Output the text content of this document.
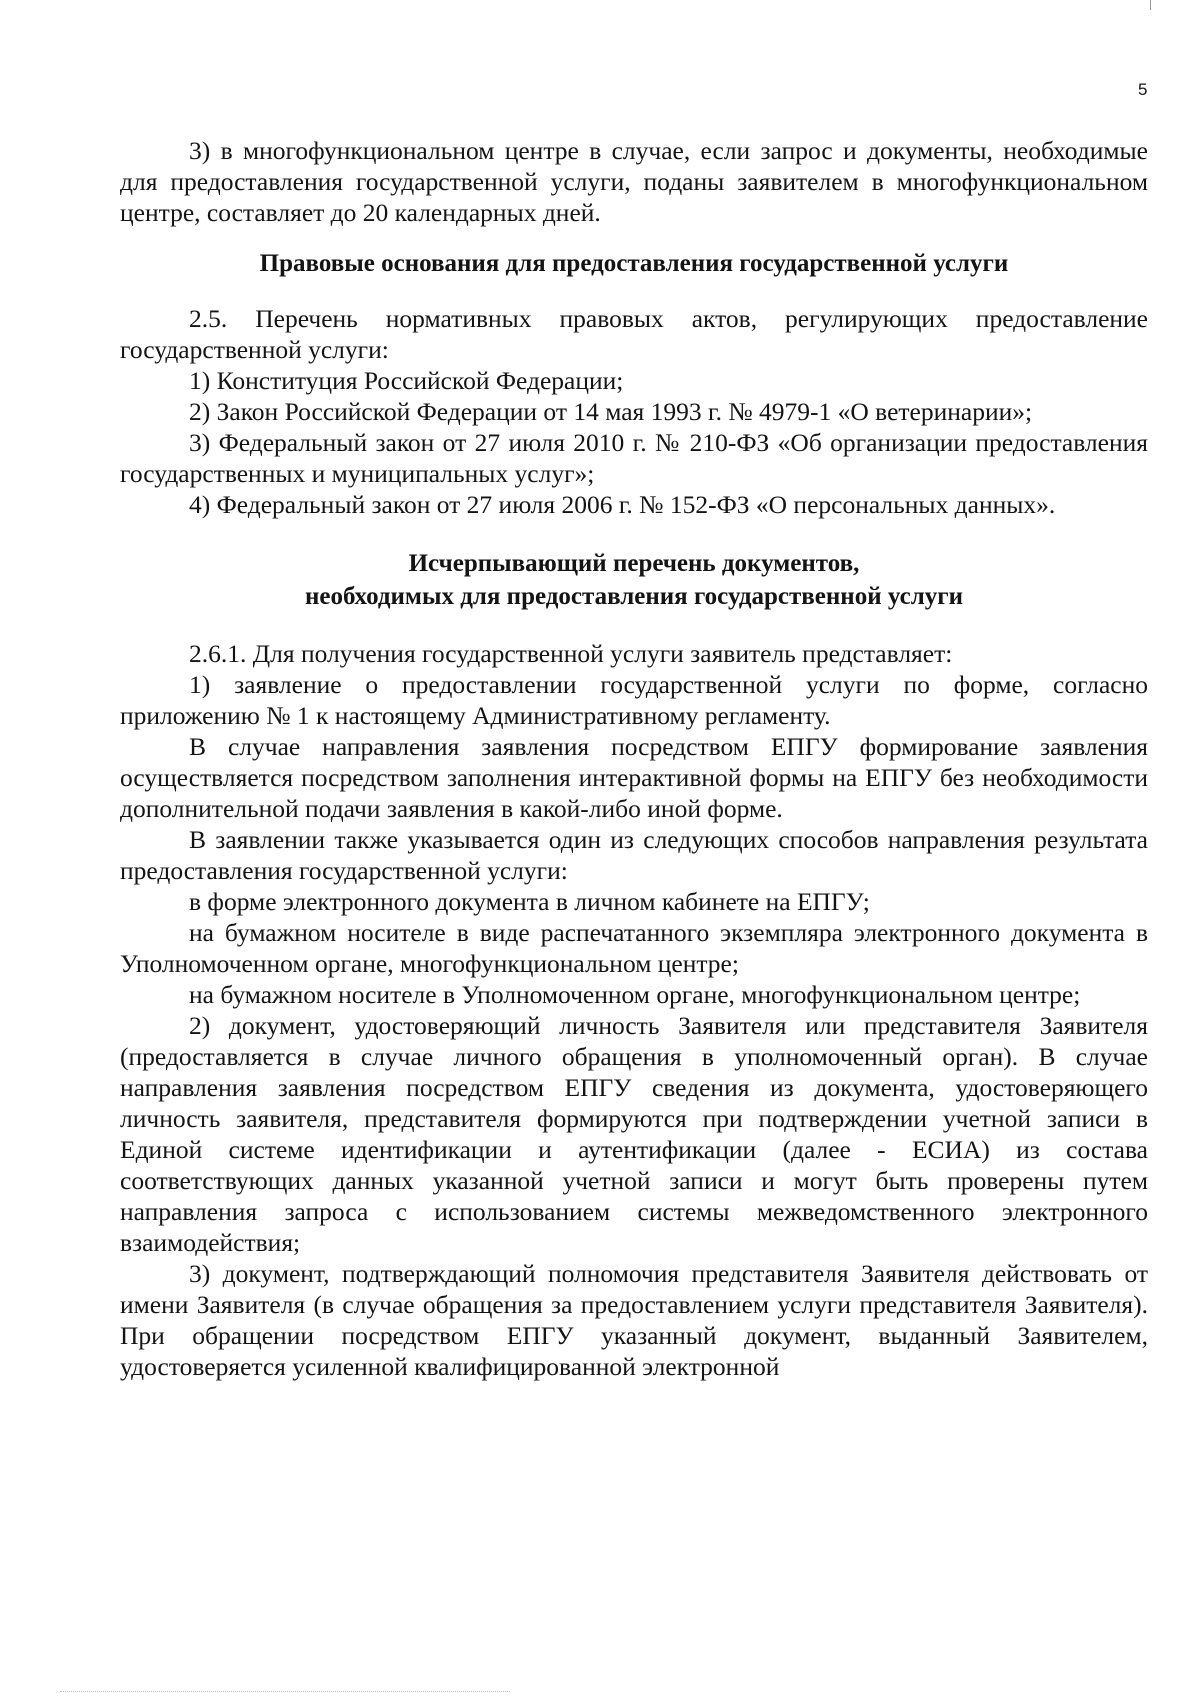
5

3) в многофункциональном центре в случае, если запрос и документы, необходимые для предоставления государственной услуги, поданы заявителем в многофункциональном центре, составляет до 20 календарных дней.

Правовые основания для предоставления государственной услуги

2.5. Перечень нормативных правовых актов, регулирующих предоставление государственной услуги:

1) Конституция Российской Федерации;

2) Закон Российской Федерации от 14 мая 1993 г. № 4979-1 «О ветеринарии»;

3) Федеральный закон от 27 июля 2010 г. № 210-ФЗ «Об организации предоставления государственных и муниципальных услуг»;

4) Федеральный закон от 27 июля 2006 г. № 152-ФЗ «О персональных данных».

Исчерпывающий перечень документов,
необходимых для предоставления государственной услуги

2.6.1. Для получения государственной услуги заявитель представляет:

1) заявление о предоставлении государственной услуги по форме, согласно приложению № 1 к настоящему Административному регламенту.

В случае направления заявления посредством ЕПГУ формирование заявления осуществляется посредством заполнения интерактивной формы на ЕПГУ без необходимости дополнительной подачи заявления в какой-либо иной форме.

В заявлении также указывается один из следующих способов направления результата предоставления государственной услуги:

в форме электронного документа в личном кабинете на ЕПГУ;

на бумажном носителе в виде распечатанного экземпляра электронного документа в Уполномоченном органе, многофункциональном центре;

на бумажном носителе в Уполномоченном органе, многофункциональном центре;

2) документ, удостоверяющий личность Заявителя или представителя Заявителя (предоставляется в случае личного обращения в уполномоченный орган). В случае направления заявления посредством ЕПГУ сведения из документа, удостоверяющего личность заявителя, представителя формируются при подтверждении учетной записи в Единой системе идентификации и аутентификации (далее - ЕСИА) из состава соответствующих данных указанной учетной записи и могут быть проверены путем направления запроса с использованием системы межведомственного электронного взаимодействия;

3) документ, подтверждающий полномочия представителя Заявителя действовать от имени Заявителя (в случае обращения за предоставлением услуги представителя Заявителя). При обращении посредством ЕПГУ указанный документ, выданный Заявителем, удостоверяется усиленной квалифицированной электронной
